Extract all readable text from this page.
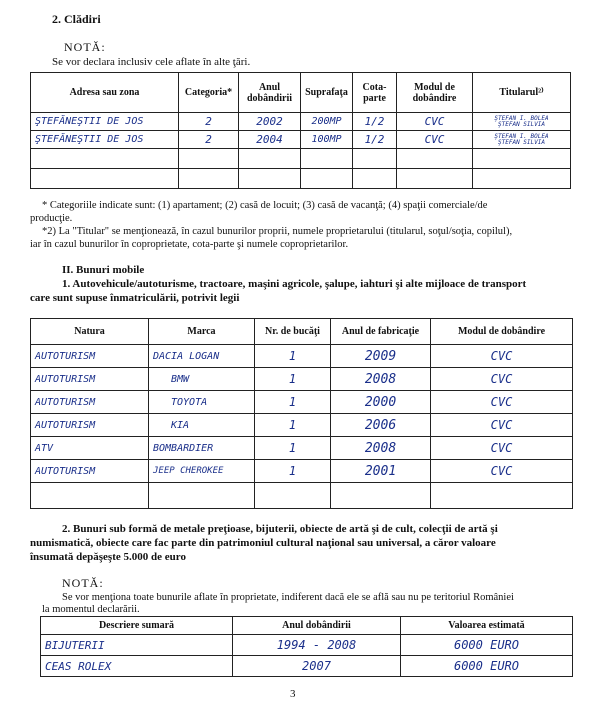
2. Clădiri
NOTĂ:
Se vor declara inclusiv cele aflate în alte ţări.
Adresa sau zona	Categoria*	Anul dobândirii	Suprafaţa	Cota-parte	Modul de dobândire	Titularul²⁾
ŞTEFĂNEŞTII DE JOS	2	2002	200MP	1/2	CVC	ŞTEFAN I. BOLEA
ŞTEFAN SILVIA

ŞTEFĂNEŞTII DE JOS	2	2004	100MP	1/2	CVC	ŞTEFAN I. BOLEA
ŞTEFAN SILVIA

* Categoriile indicate sunt: (1) apartament; (2) casă de locuit; (3) casă de vacanţă; (4) spaţii comerciale/de
producţie.
*2) La "Titular" se menţionează, în cazul bunurilor proprii, numele proprietarului (titularul, soţul/soţia, copilul),
iar în cazul bunurilor în coproprietate, cota-parte şi numele coproprietarilor.
II. Bunuri mobile
1. Autovehicule/autoturisme, tractoare, maşini agricole, şalupe, iahturi şi alte mijloace de transport
care sunt supuse înmatriculării, potrivit legii
Natura	Marca	Nr. de bucăţi	Anul de fabricaţie	Modul de dobândire
AUTOTURISM	DACIA LOGAN	1	2009	CVC
AUTOTURISM	BMW	1	2008	CVC
AUTOTURISM	TOYOTA	1	2000	CVC
AUTOTURISM	KIA	1	2006	CVC
ATV	BOMBARDIER	1	2008	CVC
AUTOTURISM	JEEP CHEROKEE	1	2001	CVC

2. Bunuri sub formă de metale preţioase, bijuterii, obiecte de artă şi de cult, colecţii de artă şi
numismatică, obiecte care fac parte din patrimoniul cultural naţional sau universal, a căror valoare
însumată depăşeşte 5.000 de euro
NOTĂ:
Se vor menţiona toate bunurile aflate în proprietate, indiferent dacă ele se află sau nu pe teritoriul României
la momentul declarării.
Descriere sumară	Anul dobândirii	Valoarea estimată
BIJUTERII	1994 - 2008	6000 EURO
CEAS ROLEX	2007	6000 EURO
3
